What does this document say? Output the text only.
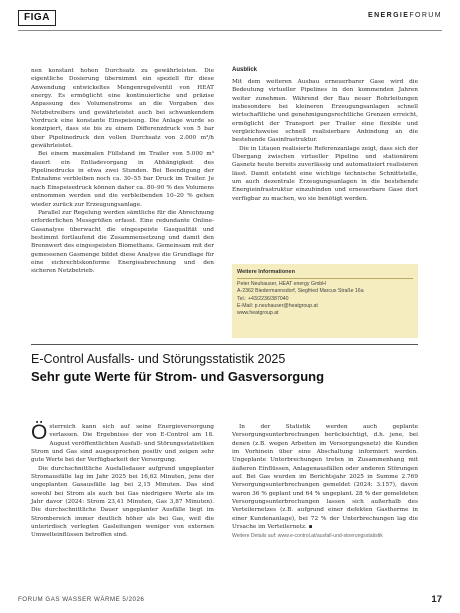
FIGA	ENERGIEFORUM

nen konstant hohen Durchsatz zu gewährleisten. Die eigentliche Dosierung übernimmt ein speziell für diese Anwendung entwickeltes Mengenregelventil von HEAT energy. Es ermöglicht eine kontinuierliche und präzise Anpassung des Volumenstroms an die Vorgaben des Netzbetreibers und gewährleistet auch bei schwankendem Vordruck eine konstante Einspeisung. Die Anlage wurde so konzipiert, dass sie bis zu einem Differenzdruck von 5 bar über Pipelinedruck den vollen Durchsatz von 2.000 m³/h gewährleistet.

Bei einem maximalen Füllstand im Trailer von 5.000 m³ dauert ein Entladevorgang in Abhängigkeit des Pipelinedrucks in etwa zwei Stunden. Bei Beendigung der Entnahme verbleiben noch ca. 30–55 bar Druck im Trailer. Je nach Einspeisedruck können daher ca. 80–90 % des Volumens entnommen werden und die verbleibenden 10–20 % gehen wieder zurück zur Erzeugungsanlage.

Parallel zur Regelung werden sämtliche für die Abrechnung erforderlichen Messgrößen erfasst. Eine redundante Online-Gasanalyse überwacht die eingespeiste Gasqualität und bestimmt fortlaufend die Zusammensetzung und damit den Brennwert des eingespeisten Biomethans. Gemeinsam mit der gemessenen Gasmenge bildet diese Analyse die Grundlage für eine eichrechtskonforme Energieabrechnung und den sicheren Netzbetrieb.

Ausblick

Mit dem weiteren Ausbau erneuerbarer Gase wird die Bedeutung virtueller Pipelines in den kommenden Jahren weiter zunehmen. Während der Bau neuer Rohrleitungen insbesondere bei kleineren Erzeugungsanlagen schnell wirtschaftliche und genehmigungsrechtliche Grenzen erreicht, ermöglicht der Transport per Trailer eine flexible und vergleichsweise schnell realisierbare Anbindung an die bestehende Gasinfrastruktur.

Die in Litauen realisierte Referenzanlage zeigt, dass sich der Übergang zwischen virtueller Pipeline und stationärem Gasnetz heute bereits zuverlässig und automatisiert realisieren lässt. Damit entsteht eine wichtige technische Schnittstelle, um auch dezentrale Erzeugungsanlagen in die bestehende Energieinfrastruktur einzubinden und erneuerbare Gase dort verfügbar zu machen, wo sie benötigt werden.

Weitere Informationen
Peter Neuhauser, HEAT energy GmbH
A-2362 Biedermannsdorf, Siegfried Marcus Straße 16a
Tel.: +43/2236/387040
E-Mail: p.neuhauser@heatgroup.at
www.heatgroup.at
E-Control Ausfalls- und Störungsstatistik 2025
Sehr gute Werte für Strom- und Gasversorgung

Österreich kann sich auf seine Energieversorgung verlassen. Die Ergebnisse der von E-Control am 18. August veröffentlichten Ausfall- und Störungsstatistiken Strom und Gas sind ausgesprochen positiv und zeigen sehr gute Werte bei der Verfügbarkeit der Versorgung.

Die durchschnittliche Ausfallsdauer aufgrund ungeplanter Stromausfälle lag im Jahr 2025 bei 16,62 Minuten, jene der ungeplanten Gasausfälle lag bei 2,15 Minuten. Das sind sowohl bei Strom als auch bei Gas niedrigere Werte als im Jahr davor (2024: Strom 23,41 Minuten, Gas 3,87 Minuten). Die durchschnittliche Dauer ungeplanter Ausfälle liegt im Strombereich immer deutlich höher als bei Gas, weil die unterirdisch verlegten Gasleitungen weniger von externen Umwelteinflüssen betroffen sind.

In der Statistik werden auch geplante Versorgungsunterbrechungen berücksichtigt, d.h. jene, bei denen (z.B. wegen Arbeiten im Versorgungsnetz) die Kunden im Vorhinein über eine Abschaltung informiert werden. Ungeplante Unterbrechungen treten in Zusammenhang mit äußeren Einflüssen, Anlagenausfällen oder anderen Störungen auf. Bei Gas wurden im Berichtsjahr 2025 in Summe 2.769 Versorgungsunterbrechungen gemeldet (2024: 3.157), davon waren 36 % geplant und 64 % ungeplant. 28 % der gemeldeten Versorgungsunterbrechungen lassen sich außerhalb des Verteilernetzes (z.B. aufgrund einer defekten Gastherme in einer Kundenanlage), bei 72 % der Unterbrechungen lag die Ursache im Verteilernetz. ▪

Weitere Details auf: www.e-control.at/ausfall-und-stoerungsstatistik
FORUM GAS WASSER WÄRME 5/2026	17
